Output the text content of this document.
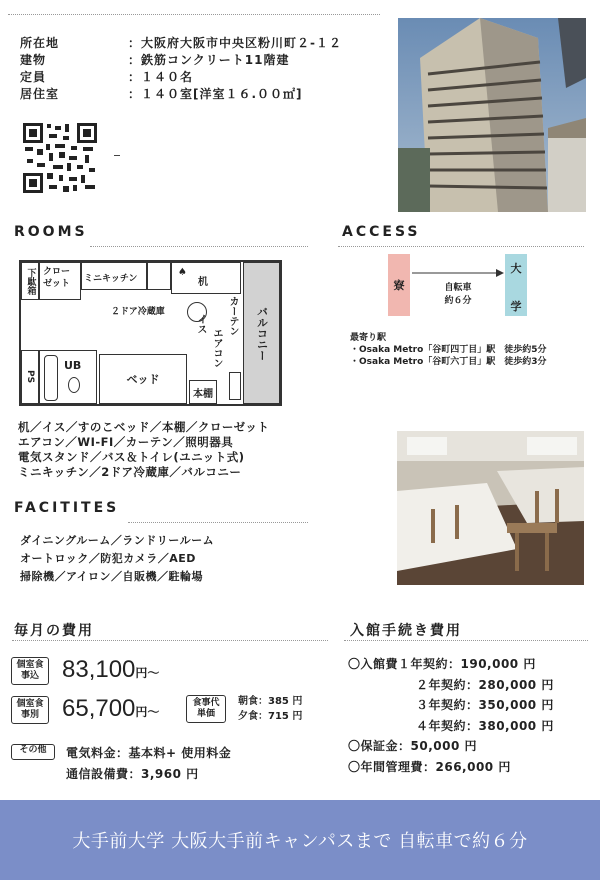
所在地	：大阪府大阪市中央区粉川町２-１２
建物	：鉄筋コンクリート11階建
定員	：１４０名
居住室	：１４０室[洋室１６.００㎡]
ROOMS
下駄箱 クローゼット	ミニキッチン
♠
机
２ドア冷蔵庫
イス カーテン
エアコン	バルコニー
PS
UB
ベッド
本棚
机／イス／すのこベッド／本棚／クローゼット
エアコン／WI-FI／カーテン／照明器具
電気スタンド／バス＆トイレ(ユニット式)
ミニキッチン／2ドア冷蔵庫／バルコニー
ACCESS
寮
大
学
自転車
約６分
最寄り駅
・Osaka Metro「谷町四丁目」駅　徒歩約5分
・Osaka Metro「谷町六丁目」駅　徒歩約3分
FACITITES
ダイニングルーム／ランドリールーム
オートロック／防犯カメラ／AED
掃除機／アイロン／自販機／駐輪場
毎月の費用
個室食事込 83,100円～
個室食事別 65,700円～
食事代単価
朝食：385 円
夕食：715 円
その他	電気料金：基本料+ 使用料金
通信設備費：3,960 円
入館手続き費用
〇入館費１年契約：190,000 円
２年契約：280,000 円
３年契約：350,000 円
４年契約：380,000 円
〇保証金：50,000 円
〇年間管理費：266,000 円
大手前大学 大阪大手前キャンパスまで 自転車で約６分
